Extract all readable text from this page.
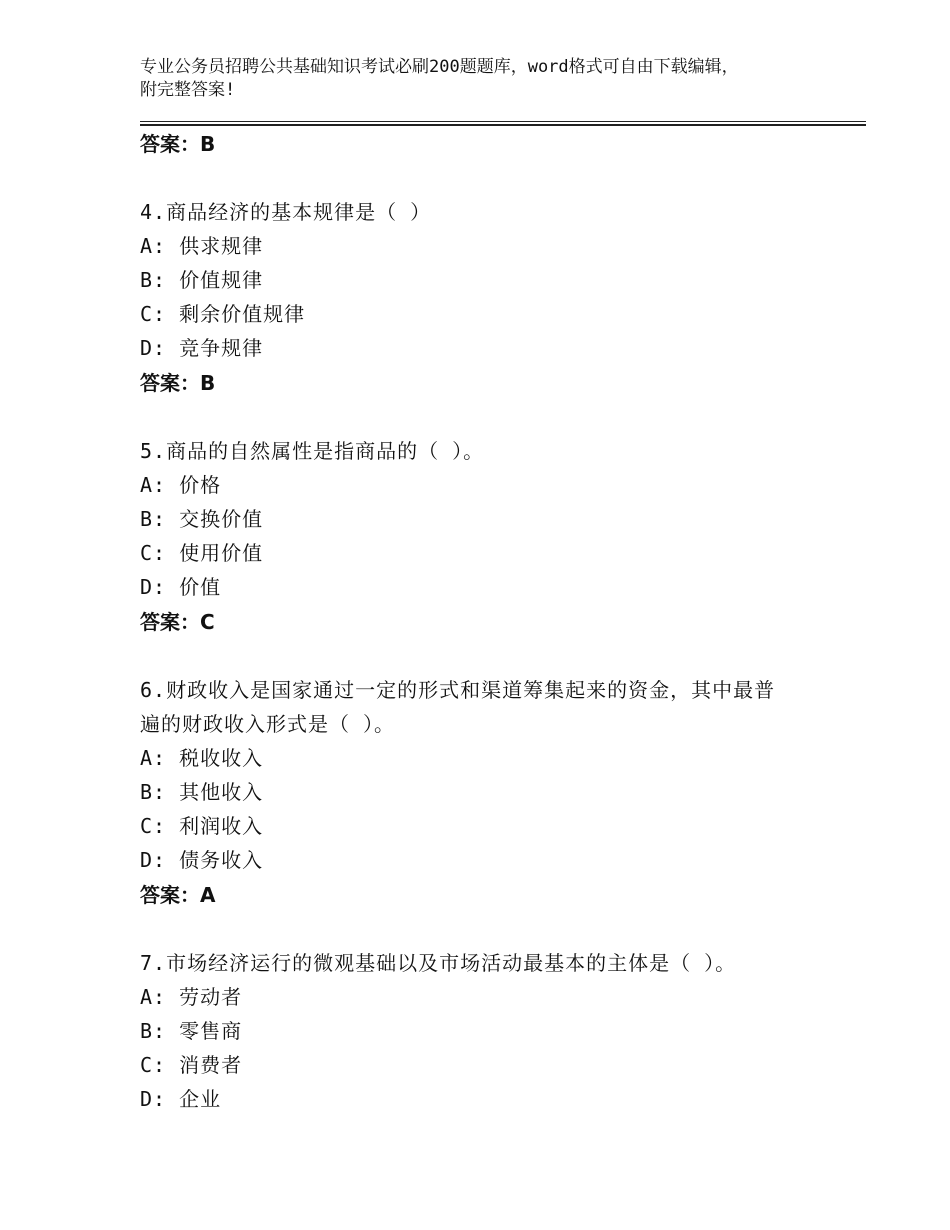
专业公务员招聘公共基础知识考试必刷200题题库，word格式可自由下载编辑，
附完整答案!
答案：B
4.商品经济的基本规律是（ ）
A: 供求规律
B: 价值规律
C: 剩余价值规律
D: 竞争规律
答案：B
5.商品的自然属性是指商品的（ ）。
A: 价格
B: 交换价值
C: 使用价值
D: 价值
答案：C
6.财政收入是国家通过一定的形式和渠道筹集起来的资金，其中最普
遍的财政收入形式是（ ）。
A: 税收收入
B: 其他收入
C: 利润收入
D: 债务收入
答案：A
7.市场经济运行的微观基础以及市场活动最基本的主体是（ ）。
A: 劳动者
B: 零售商
C: 消费者
D: 企业
